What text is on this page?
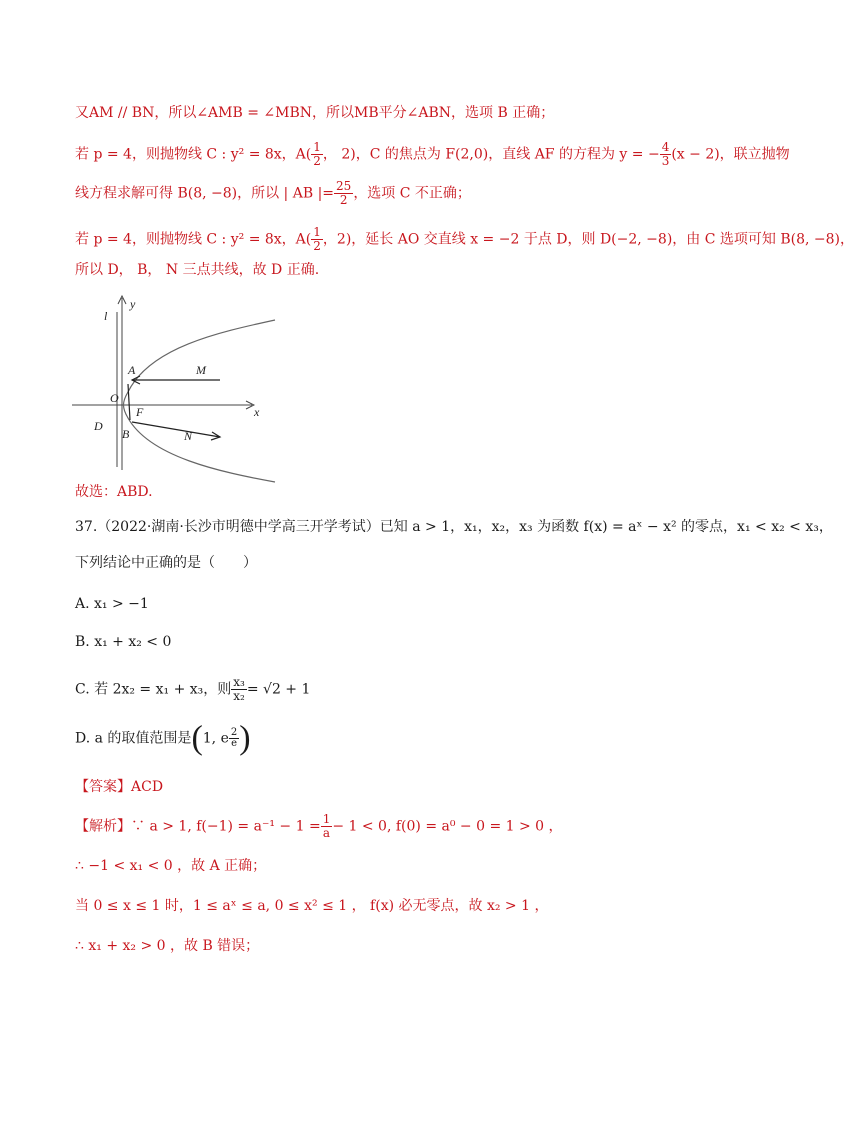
又AM // BN，所以∠AMB = ∠MBN，所以MB平分∠ABN，选项 B 正确；
若 p = 4，则抛物线 C : y² = 8x，$A( \frac{1}{2}$ ， 2)，C 的焦点为 F(2,0)，直线 AF 的方程为 y = − $\frac{4}{3} (x - 2)$，联立抛物
线方程求解可得 B(8, −8)，所以 | AB |= $\frac{25}{2}$ ，选项 C 不正确；
若 p = 4，则抛物线 C : y² = 8x，$A( \frac{1}{2}$ ，2)，延长 AO 交直线 x = −2 于点 D，则 D(−2, −8)，由 C 选项可知 B(8, −8)，
所以 D， B， N 三点共线，故 D 正确.
l
y
x
O
A
F
B
D
M
N
故选：ABD.
37.（2022·湖南·长沙市明德中学高三开学考试）已知 a > 1，x₁，x₂，x₃ 为函数 f(x) = aˣ − x² 的零点，x₁ < x₂ < x₃，
下列结论中正确的是（　　）
A. x₁ > −1
B. x₁ + x₂ < 0
C. 若 2x₂ = x₁ + x₃，则 $\frac{\text{x₃}}{\text{x₂}} = √2 + 1$
D. a 的取值范围是(1, e $\frac{2}{e}$ )
【答案】ACD
【解析】∵ a > 1, $f(-1) = a^{-1} - 1 = \frac{1}{a} - 1 < 0$, f(0) = a⁰ − 0 = 1 > 0 ，
∴ −1 < x₁ < 0 ，故 A 正确；
当 0 ≤ x ≤ 1 时，1 ≤ aˣ ≤ a, 0 ≤ x² ≤ 1 ， f(x) 必无零点，故 x₂ > 1 ，
∴ x₁ + x₂ > 0 ，故 B 错误；
